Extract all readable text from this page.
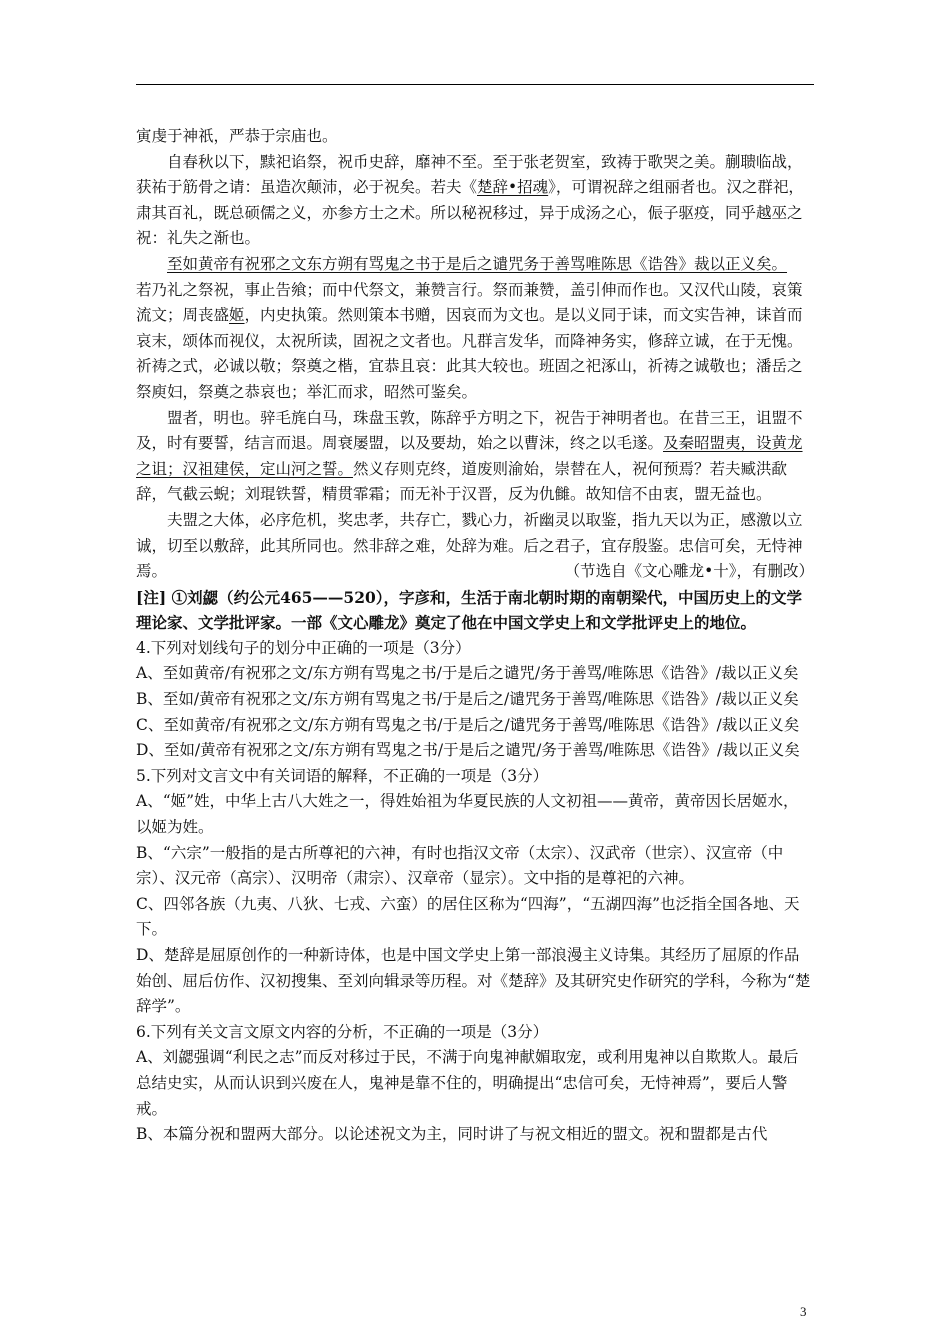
寅虔于神祇，严恭于宗庙也。

自春秋以下，黩祀谄祭，祝币史辞，靡神不至。至于张老贺室，致祷于歌哭之美。蒯聩临战，获祐于筋骨之请：虽造次颠沛，必于祝矣。若夫《楚辞•招魂》，可谓祝辞之组丽者也。汉之群祀，肃其百礼，既总硕儒之义，亦参方士之术。所以秘祝移过，异于成汤之心，侲子驱疫，同乎越巫之祝：礼失之渐也。

至如黄帝有祝邪之文东方朔有骂鬼之书于是后之谴咒务于善骂唯陈思《诰咎》裁以正义矣。

若乃礼之祭祝，事止告飨；而中代祭文，兼赞言行。祭而兼赞，盖引伸而作也。又汉代山陵，哀策流文；周丧盛姬，内史执策。然则策本书赠，因哀而为文也。是以义同于诔，而文实告神，诔首而哀末，颂体而视仪，太祝所读，固祝之文者也。凡群言发华，而降神务实，修辞立诚，在于无愧。祈祷之式，必诚以敬；祭奠之楷，宜恭且哀：此其大较也。班固之祀涿山，祈祷之诚敬也；潘岳之祭庾妇，祭奠之恭哀也；举汇而求，昭然可鉴矣。

盟者，明也。骍毛旄白马，珠盘玉敦，陈辞乎方明之下，祝告于神明者也。在昔三王，诅盟不及，时有要誓，结言而退。周衰屡盟，以及要劫，始之以曹沫，终之以毛遂。及秦昭盟夷，设黄龙之诅；汉祖建侯，定山河之誓。然义存则克终，道废则渝始，崇替在人，祝何预焉？若夫臧洪歃辞，气截云蜺；刘琨铁誓，精贯霏霜；而无补于汉晋，反为仇雠。故知信不由衷，盟无益也。

夫盟之大体，必序危机，奖忠孝，共存亡，戮心力，祈幽灵以取鉴，指九天以为正，感激以立诚，切至以敷辞，此其所同也。然非辞之难，处辞为难。后之君子，宜存殷鉴。忠信可矣，无恃神

焉。	（节选自《文心雕龙•十》，有删改）

[注] ①刘勰（约公元465——520），字彦和，生活于南北朝时期的南朝梁代，中国历史上的文学理论家、文学批评家。一部《文心雕龙》奠定了他在中国文学史上和文学批评史上的地位。

4.下列对划线句子的划分中正确的一项是（3分）

A、至如黄帝/有祝邪之文/东方朔有骂鬼之书/于是后之谴咒/务于善骂/唯陈思《诰咎》/裁以正义矣

B、至如/黄帝有祝邪之文/东方朔有骂鬼之书/于是后之/谴咒务于善骂/唯陈思《诰咎》/裁以正义矣

C、至如黄帝/有祝邪之文/东方朔有骂鬼之书/于是后之/谴咒务于善骂/唯陈思《诰咎》/裁以正义矣

D、至如/黄帝有祝邪之文/东方朔有骂鬼之书/于是后之谴咒/务于善骂/唯陈思《诰咎》/裁以正义矣

5.下列对文言文中有关词语的解释，不正确的一项是（3分）

A、“姬”姓，中华上古八大姓之一，得姓始祖为华夏民族的人文初祖——黄帝，黄帝因长居姬水，以姬为姓。

B、“六宗”一般指的是古所尊祀的六神，有时也指汉文帝（太宗）、汉武帝（世宗）、汉宣帝（中宗）、汉元帝（高宗）、汉明帝（肃宗）、汉章帝（显宗）。文中指的是尊祀的六神。

C、四邻各族（九夷、八狄、七戎、六蛮）的居住区称为“四海”，“五湖四海”也泛指全国各地、天下。

D、楚辞是屈原创作的一种新诗体，也是中国文学史上第一部浪漫主义诗集。其经历了屈原的作品始创、屈后仿作、汉初搜集、至刘向辑录等历程。对《楚辞》及其研究史作研究的学科，今称为“楚辞学”。

6.下列有关文言文原文内容的分析，不正确的一项是（3分）

A、刘勰强调“利民之志”而反对移过于民，不满于向鬼神献媚取宠，或利用鬼神以自欺欺人。最后总结史实，从而认识到兴废在人，鬼神是靠不住的，明确提出“忠信可矣，无恃神焉”，要后人警戒。

B、本篇分祝和盟两大部分。以论述祝文为主，同时讲了与祝文相近的盟文。祝和盟都是古代

3
